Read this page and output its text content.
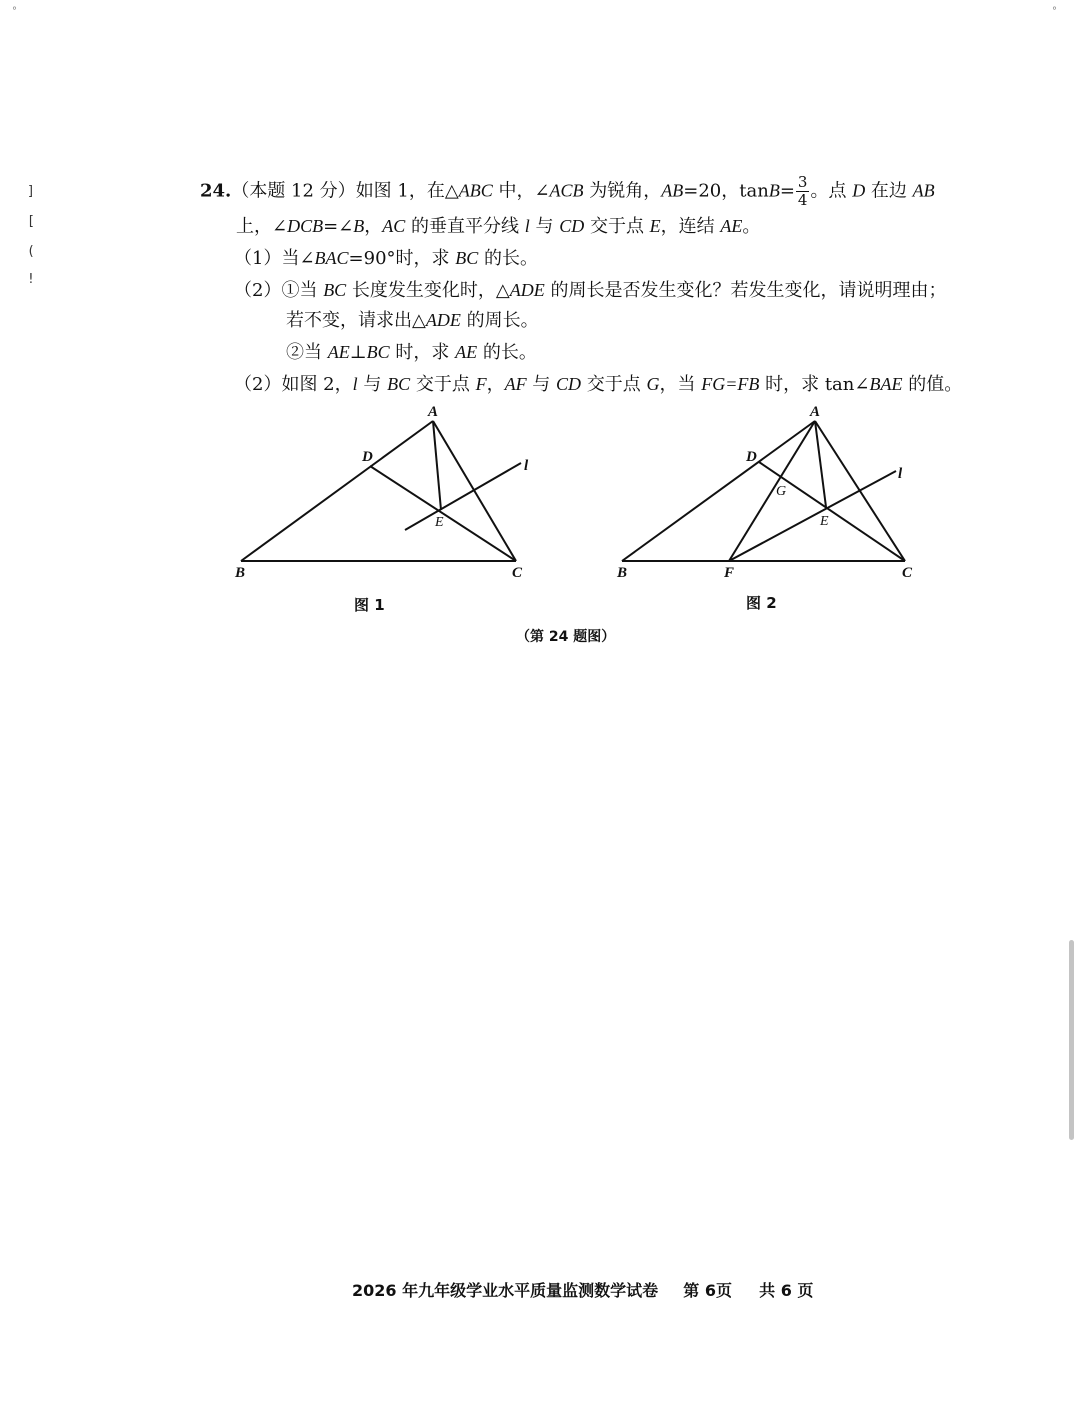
°	°
]
[
(
!
24.（本题 12 分）如图 1，在△ABC 中，∠ACB 为锐角，AB=20，$\tan B= \frac{3}{4}$ 。点 D 在边 AB
上，∠DCB=∠B，AC 的垂直平分线 l 与 CD 交于点 E，连结 AE。
（1）当∠BAC=90°时，求 BC 的长。
（2）①当 BC 长度发生变化时，△ADE 的周长是否发生变化？若发生变化，请说明理由；
若不变，请求出△ADE 的周长。
②当 AE⊥BC 时，求 AE 的长。
（2）如图 2，l 与 BC 交于点 F，AF 与 CD 交于点 G，当 FG=FB 时，求 tan∠BAE 的值。
A
B	C
D
E
l
A
B	F	C
D
G
E
l
图 1	图 2
（第 24 题图）
2026 年九年级学业水平质量监测数学试卷 第 6页 共 6 页
